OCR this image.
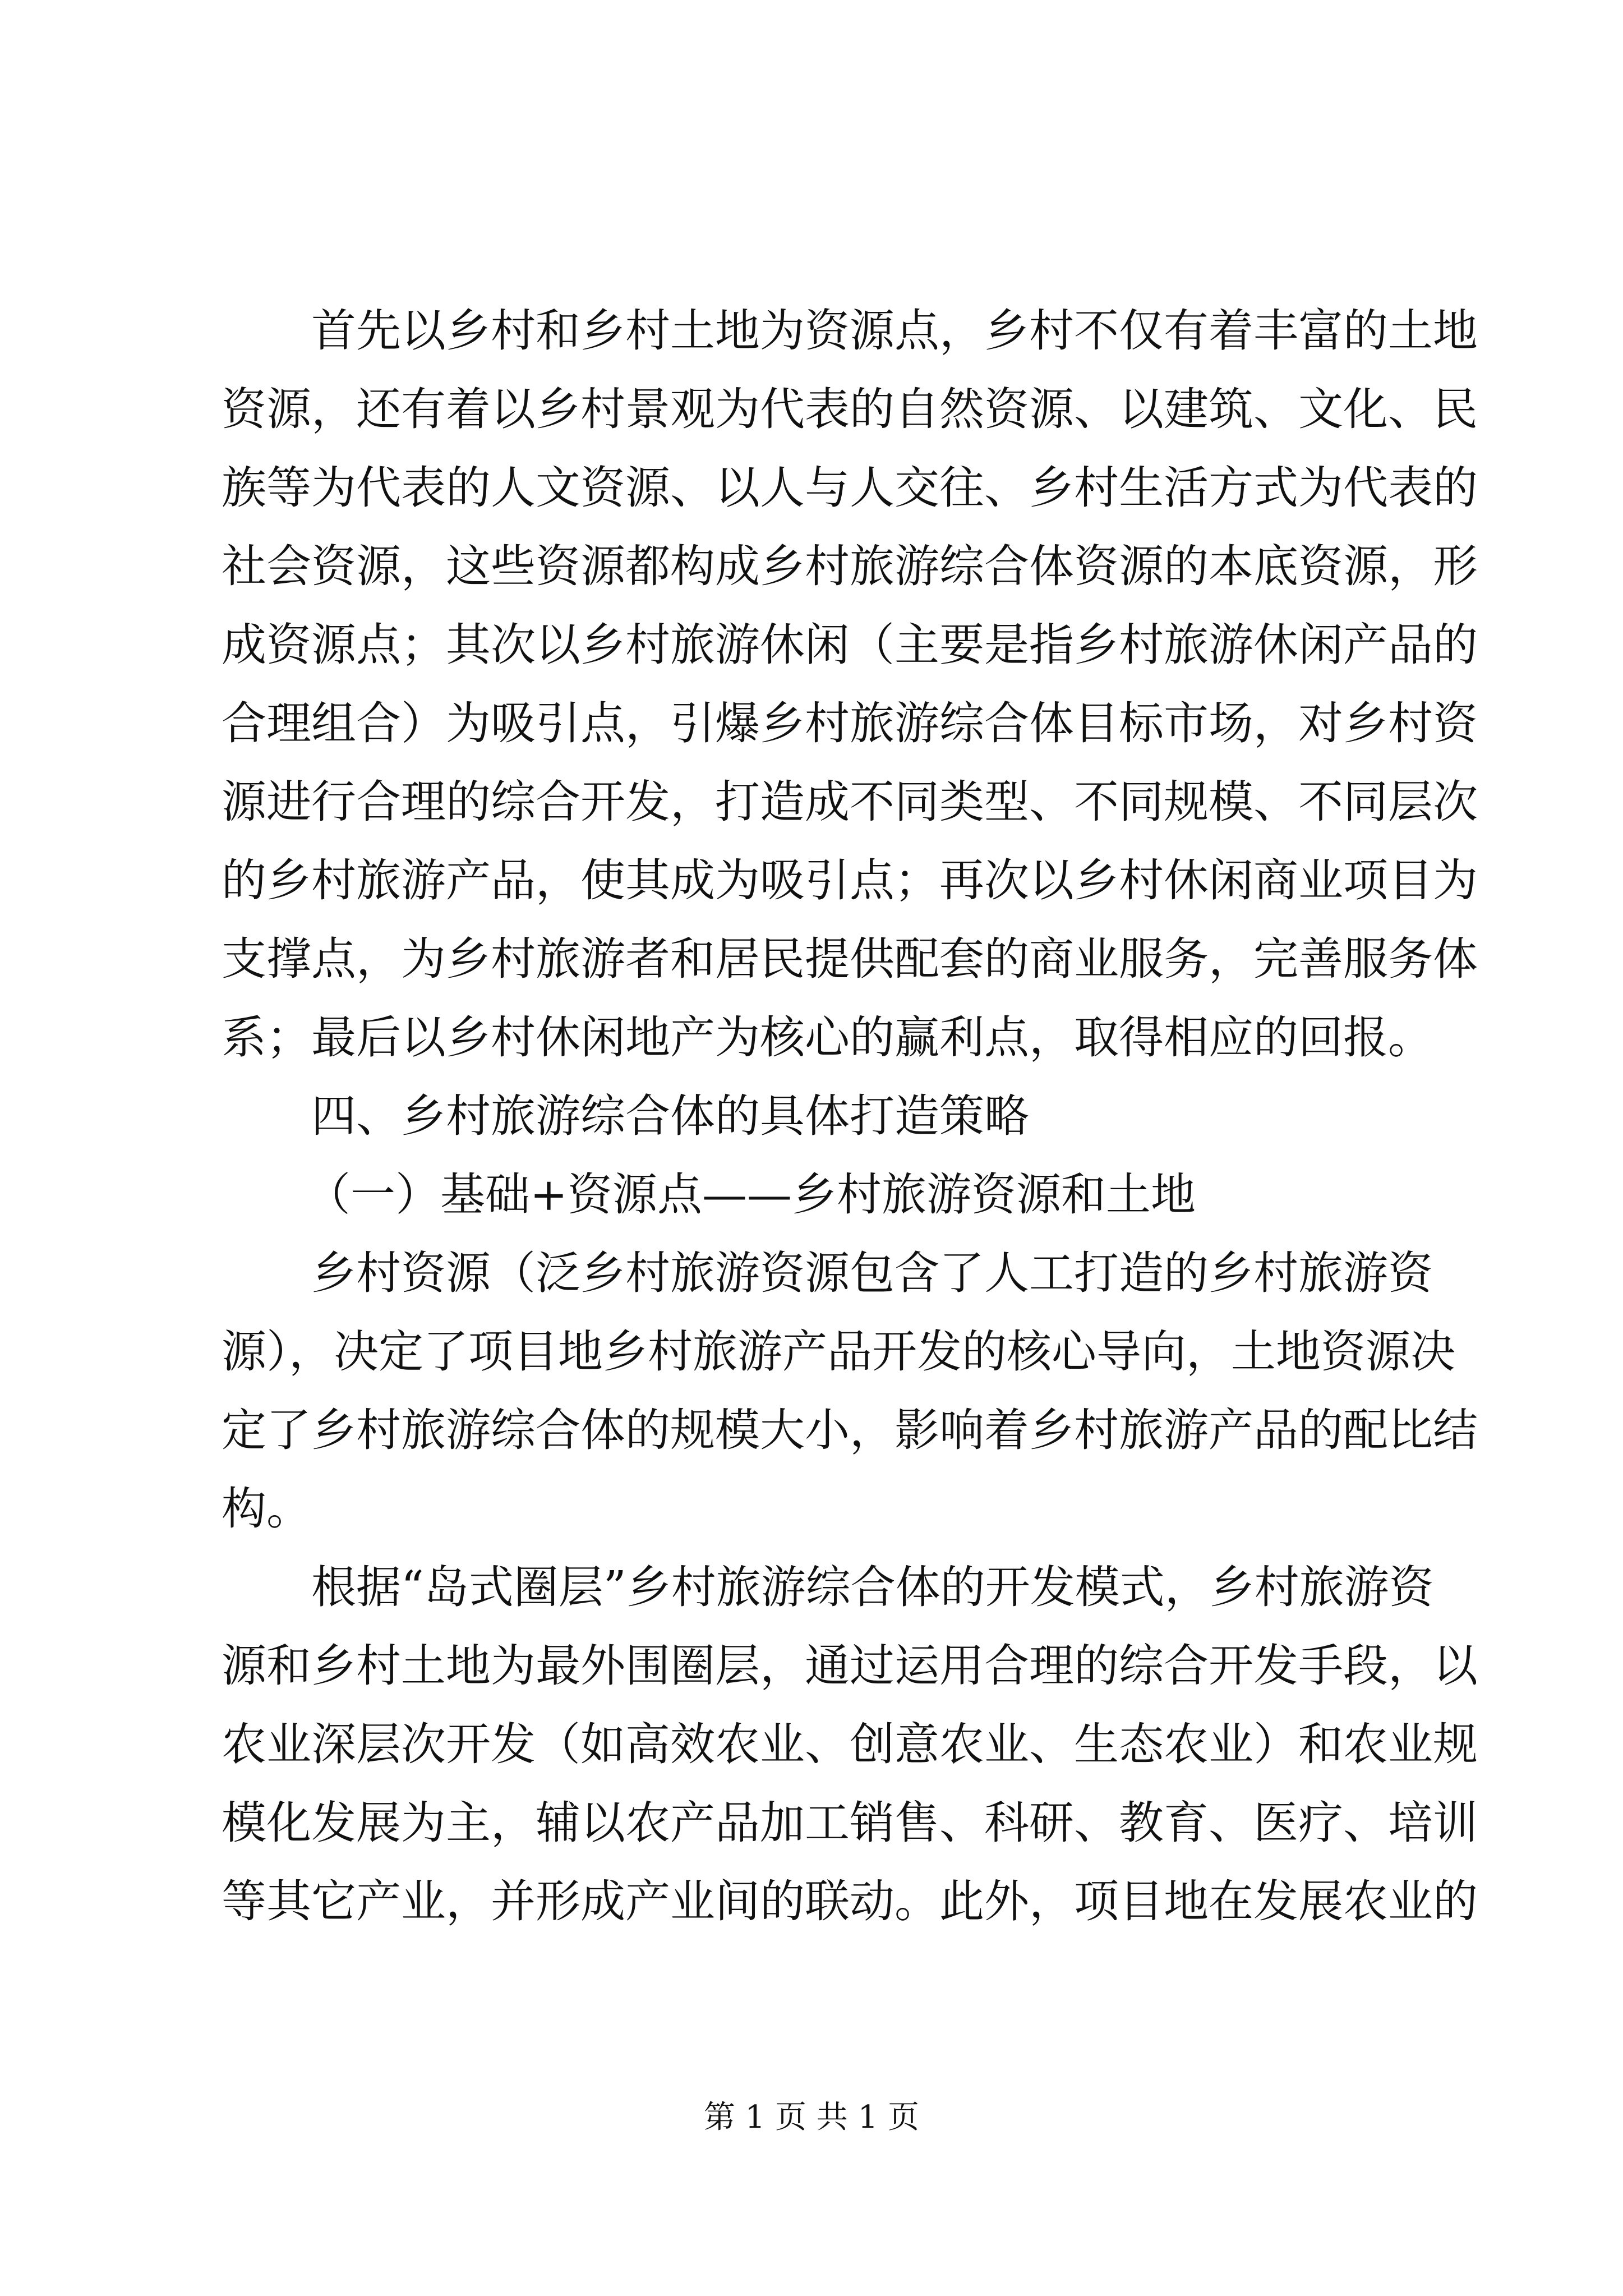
首先以乡村和乡村土地为资源点，乡村不仅有着丰富的土地
资源，还有着以乡村景观为代表的自然资源、以建筑、文化、民
族等为代表的人文资源、以人与人交往、乡村生活方式为代表的
社会资源，这些资源都构成乡村旅游综合体资源的本底资源，形
成资源点；其次以乡村旅游休闲（主要是指乡村旅游休闲产品的
合理组合）为吸引点，引爆乡村旅游综合体目标市场，对乡村资
源进行合理的综合开发，打造成不同类型、不同规模、不同层次
的乡村旅游产品，使其成为吸引点；再次以乡村休闲商业项目为
支撑点，为乡村旅游者和居民提供配套的商业服务，完善服务体
系；最后以乡村休闲地产为核心的赢利点，取得相应的回报。
四、乡村旅游综合体的具体打造策略
（一）基础+资源点——乡村旅游资源和土地
乡村资源（泛乡村旅游资源包含了人工打造的乡村旅游资
源），决定了项目地乡村旅游产品开发的核心导向，土地资源决
定了乡村旅游综合体的规模大小，影响着乡村旅游产品的配比结
构。
根据“岛式圈层”乡村旅游综合体的开发模式，乡村旅游资
源和乡村土地为最外围圈层，通过运用合理的综合开发手段，以
农业深层次开发（如高效农业、创意农业、生态农业）和农业规
模化发展为主，辅以农产品加工销售、科研、教育、医疗、培训
等其它产业，并形成产业间的联动。此外，项目地在发展农业的
第 1 页 共 1 页
